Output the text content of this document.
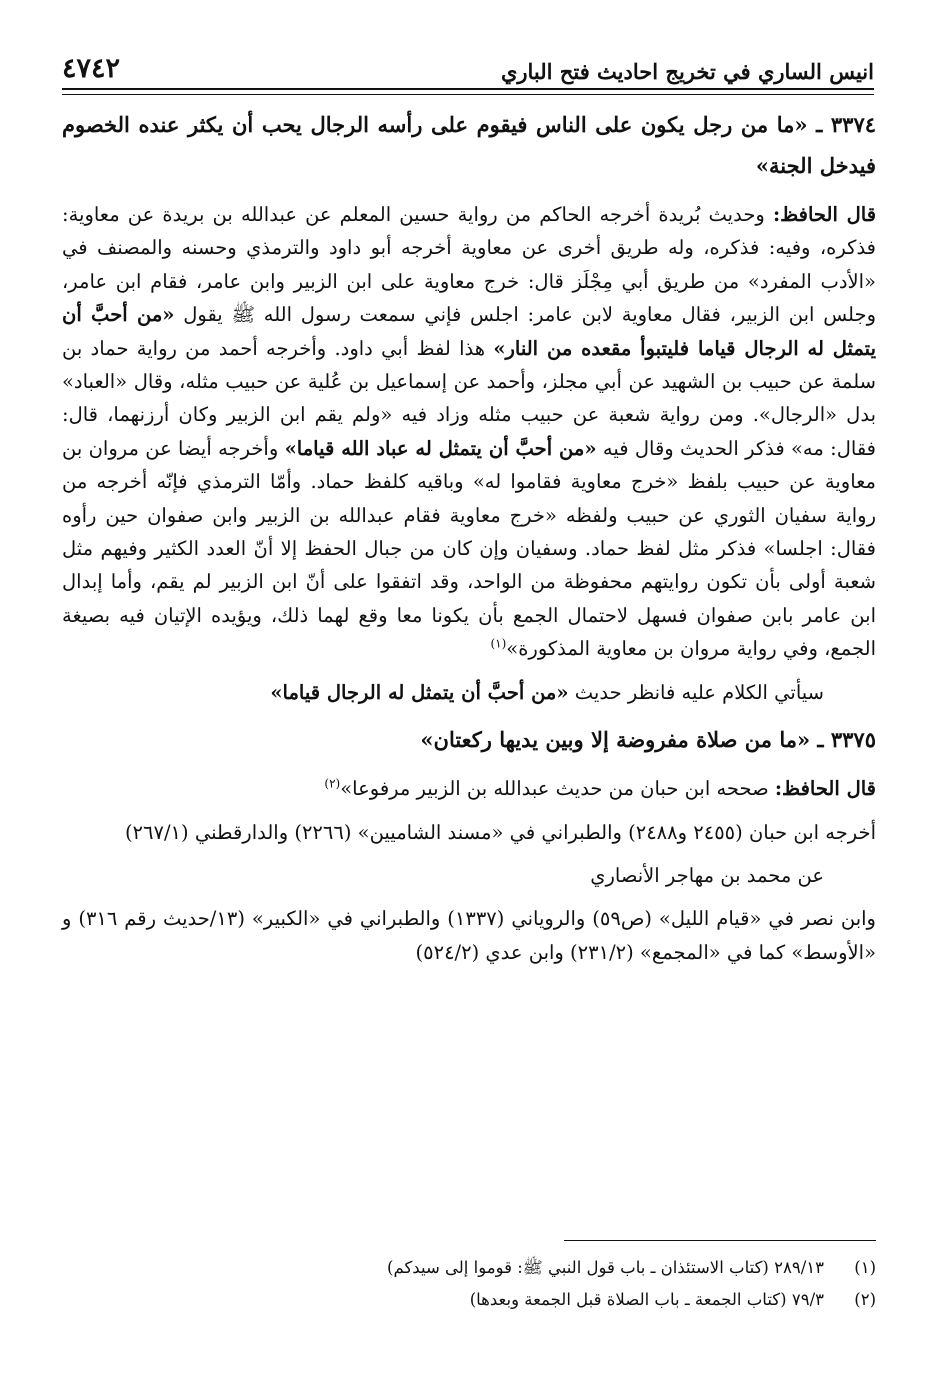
انيس الساري في تخريج احاديث فتح الباري
٤٧٤٢

٣٣٧٤ ـ «ما من رجل يكون على الناس فيقوم على رأسه الرجال يحب أن يكثر عنده الخصوم فيدخل الجنة»

قال الحافظ: وحديث بُريدة أخرجه الحاكم من رواية حسين المعلم عن عبدالله بن بريدة عن معاوية: فذكره، وفيه: فذكره، وله طريق أخرى عن معاوية أخرجه أبو داود والترمذي وحسنه والمصنف في «الأدب المفرد» من طريق أبي مِجْلَز قال: خرج معاوية على ابن الزبير وابن عامر، فقام ابن عامر، وجلس ابن الزبير، فقال معاوية لابن عامر: اجلس فإني سمعت رسول الله ﷺ يقول «من أحبَّ أن يتمثل له الرجال قياما فليتبوأ مقعده من النار» هذا لفظ أبي داود. وأخرجه أحمد من رواية حماد بن سلمة عن حبيب بن الشهيد عن أبي مجلز، وأحمد عن إسماعيل بن عُلية عن حبيب مثله، وقال «العباد» بدل «الرجال». ومن رواية شعبة عن حبيب مثله وزاد فيه «ولم يقم ابن الزبير وكان أرزنهما، قال: فقال: مه» فذكر الحديث وقال فيه «من أحبَّ أن يتمثل له عباد الله قياما» وأخرجه أيضا عن مروان بن معاوية عن حبيب بلفظ «خرج معاوية فقاموا له» وباقيه كلفظ حماد. وأمّا الترمذي فإنّه أخرجه من رواية سفيان الثوري عن حبيب ولفظه «خرج معاوية فقام عبدالله بن الزبير وابن صفوان حين رأوه فقال: اجلسا» فذكر مثل لفظ حماد. وسفيان وإن كان من جبال الحفظ إلا أنّ العدد الكثير وفيهم مثل شعبة أولى بأن تكون روايتهم محفوظة من الواحد، وقد اتفقوا على أنّ ابن الزبير لم يقم، وأما إبدال ابن عامر بابن صفوان فسهل لاحتمال الجمع بأن يكونا معا وقع لهما ذلك، ويؤيده الإتيان فيه بصيغة الجمع، وفي رواية مروان بن معاوية المذكورة»$^{(١)}$

سيأتي الكلام عليه فانظر حديث «من أحبَّ أن يتمثل له الرجال قياما»

٣٣٧٥ ـ «ما من صلاة مفروضة إلا وبين يديها ركعتان»

قال الحافظ: صححه ابن حبان من حديث عبدالله بن الزبير مرفوعا»$^{(٢)}$

أخرجه ابن حبان (٢٤٥٥ و٢٤٨٨) والطبراني في «مسند الشاميين» (٢٢٦٦) والدارقطني (٢٦٧/١)

عن محمد بن مهاجر الأنصاري

وابن نصر في «قيام الليل» (ص٥٩) والروياني (١٣٣٧) والطبراني في «الكبير» (١٣/حديث رقم ٣١٦) و «الأوسط» كما في «المجمع» (٢٣١/٢) وابن عدي (٥٢٤/٢)

(١)
٢٨٩/١٣ (كتاب الاستئذان ـ باب قول النبي ﷺ: قوموا إلى سيدكم)
(٢)
٧٩/٣ (كتاب الجمعة ـ باب الصلاة قبل الجمعة وبعدها)
